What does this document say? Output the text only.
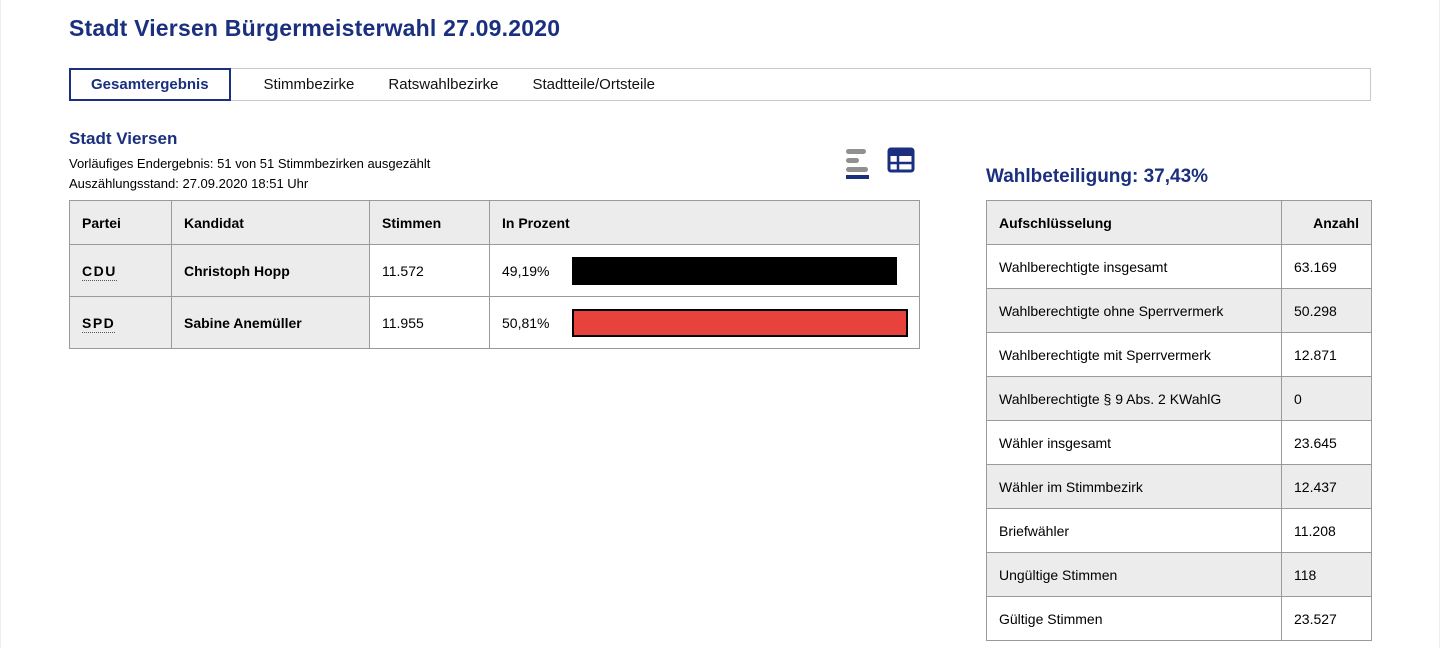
Stadt Viersen Bürgermeisterwahl 27.09.2020
Gesamtergebnis	Stimmbezirke Ratswahlbezirke Stadtteile/Ortsteile
Stadt Viersen
Vorläufiges Endergebnis: 51 von 51 Stimmbezirken ausgezählt
Auszählungsstand: 27.09.2020 18:51 Uhr
Partei	Kandidat	Stimmen	In Prozent
CDU	Christoph Hopp	11.572	49,19%

SPD	Sabine Anemüller	11.955	50,81%
Wahlbeteiligung: 37,43%
Aufschlüsselung	Anzahl
Wahlberechtigte insgesamt	63.169
Wahlberechtigte ohne Sperrvermerk	50.298
Wahlberechtigte mit Sperrvermerk	12.871
Wahlberechtigte § 9 Abs. 2 KWahlG	0
Wähler insgesamt	23.645
Wähler im Stimmbezirk	12.437
Briefwähler	11.208
Ungültige Stimmen	118
Gültige Stimmen	23.527
